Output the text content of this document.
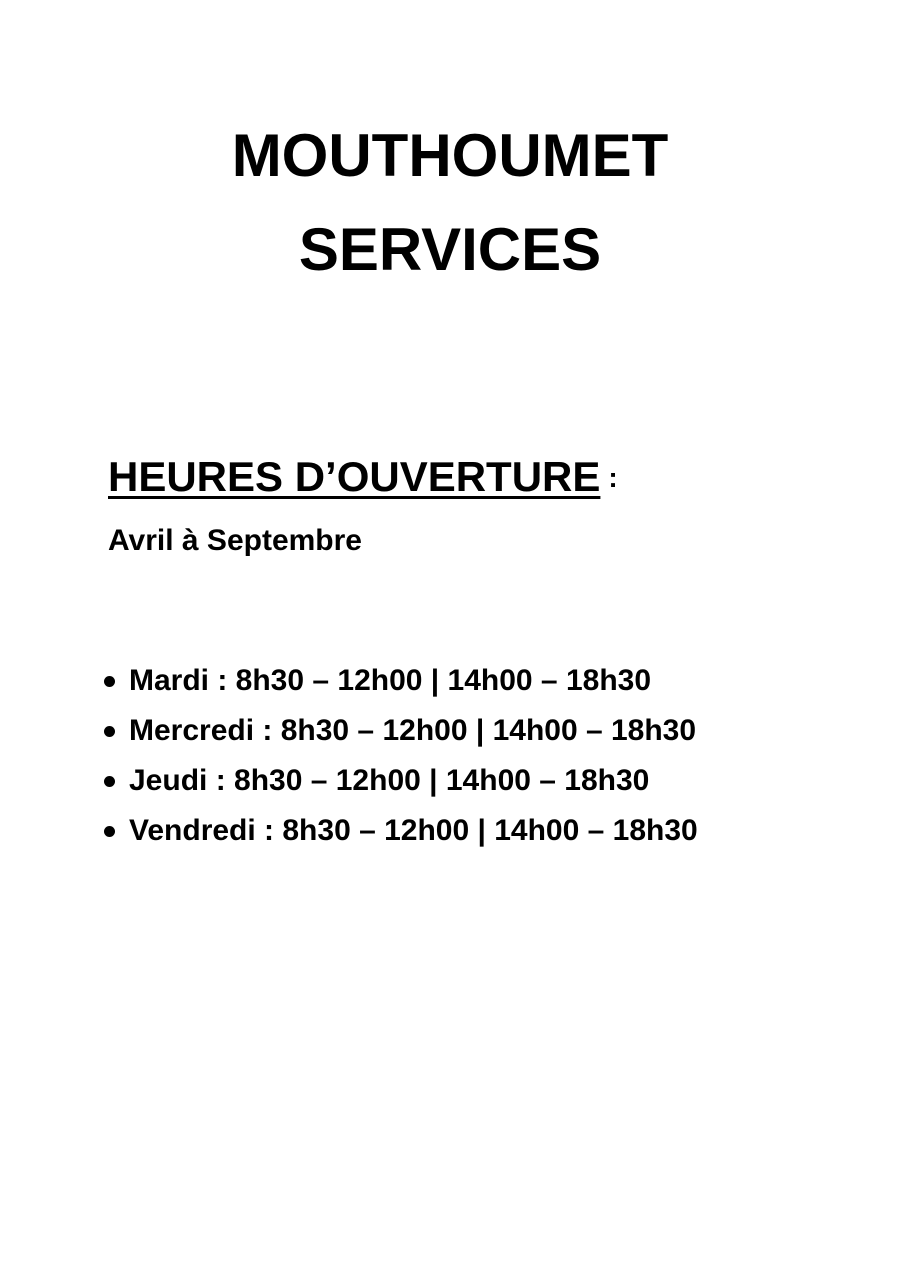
MOUTHOUMET
SERVICES
HEURES D’OUVERTURE :
Avril à Septembre
Mardi : 8h30 – 12h00 | 14h00 – 18h30
Mercredi : 8h30 – 12h00 | 14h00 – 18h30
Jeudi : 8h30 – 12h00 | 14h00 – 18h30
Vendredi : 8h30 – 12h00 | 14h00 – 18h30
